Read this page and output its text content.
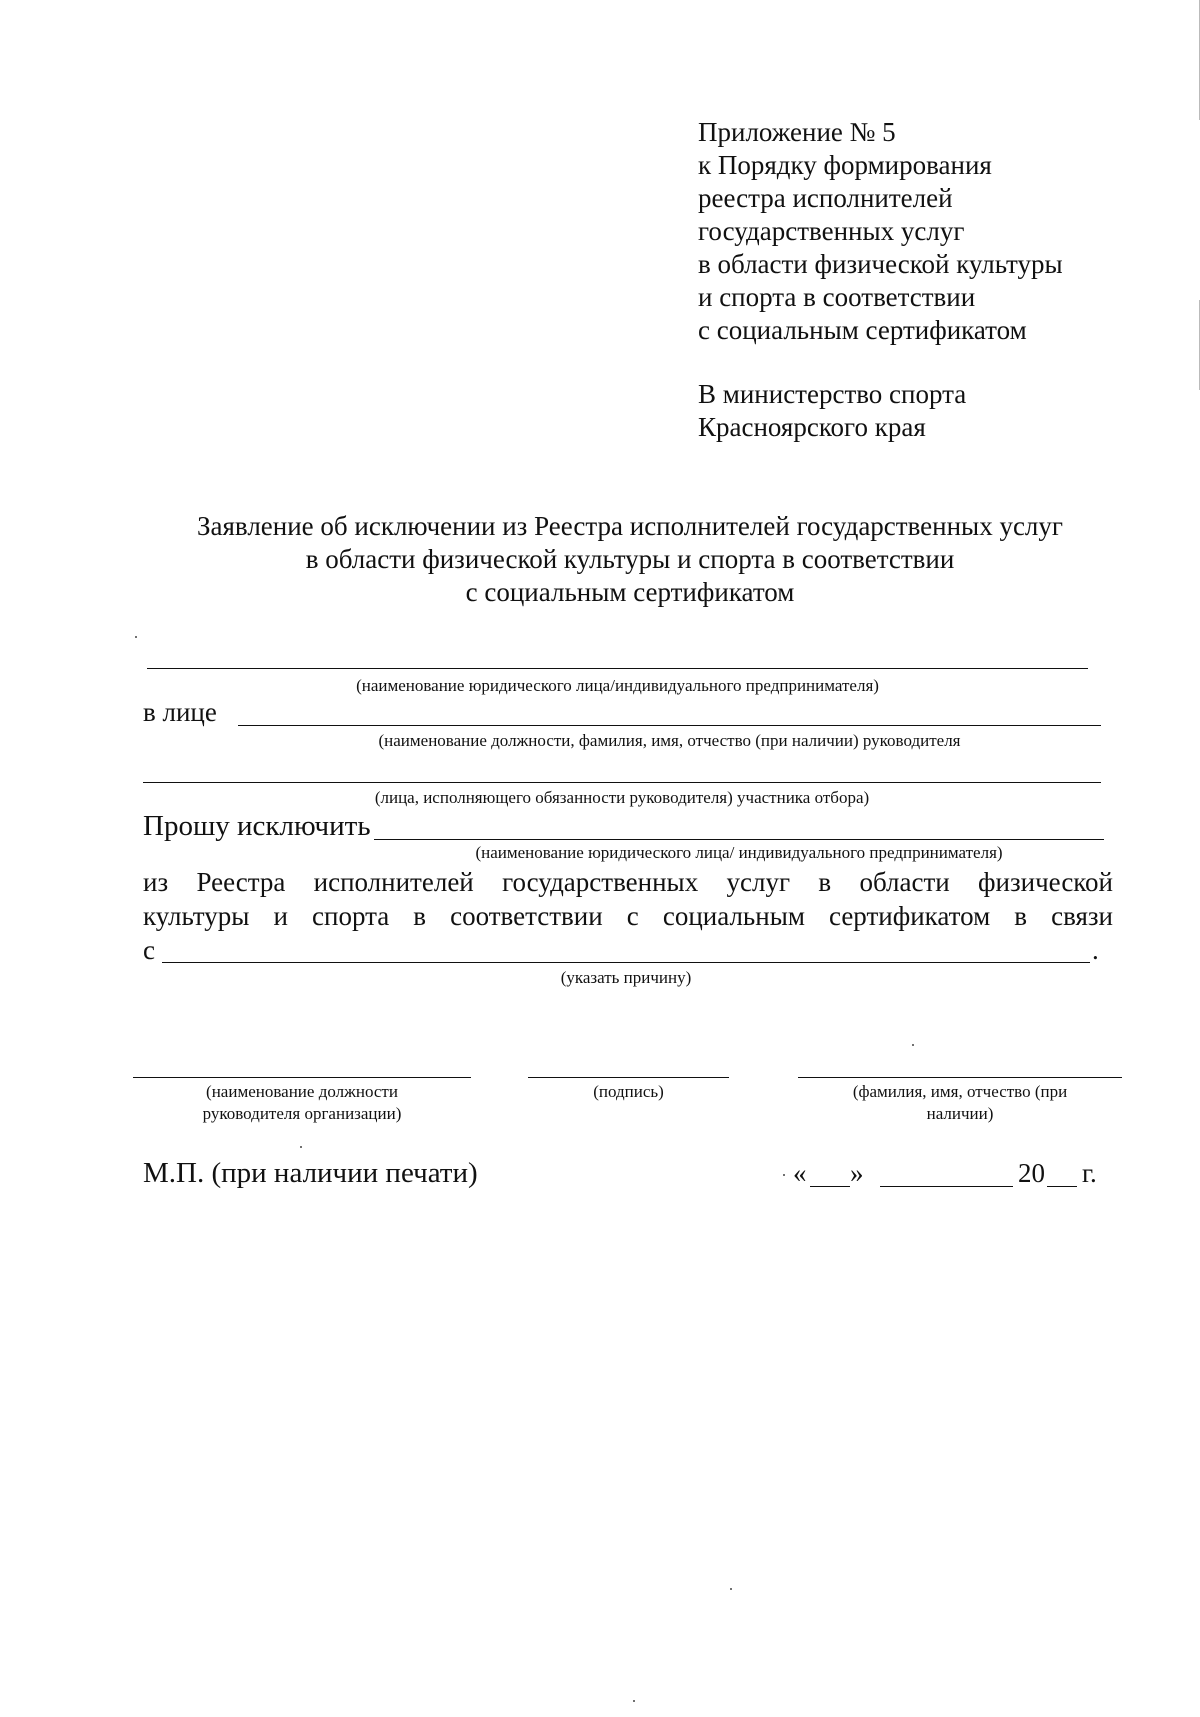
Приложение № 5
к Порядку формирования
реестра исполнителей
государственных услуг
в области физической культуры
и спорта в соответствии
с социальным сертификатом
В министерство спорта
Красноярского края
Заявление об исключении из Реестра исполнителей государственных услуг
в области физической культуры и спорта в соответствии
с социальным сертификатом
(наименование юридического лица/индивидуального предпринимателя)
в лице
(наименование должности, фамилия, имя, отчество (при наличии) руководителя
(лица, исполняющего обязанности руководителя) участника отбора)
Прошу исключить
(наименование юридического лица/ индивидуального предпринимателя)
из Реестра исполнителей государственных услуг в области физической
культуры и спорта в соответствии с социальным сертификатом в связи
с	.
(указать причину)
(наименование должности
руководителя организации)
(подпись)	(фамилия, имя, отчество (при
наличии)
М.П. (при наличии печати)	« »	20 г.
